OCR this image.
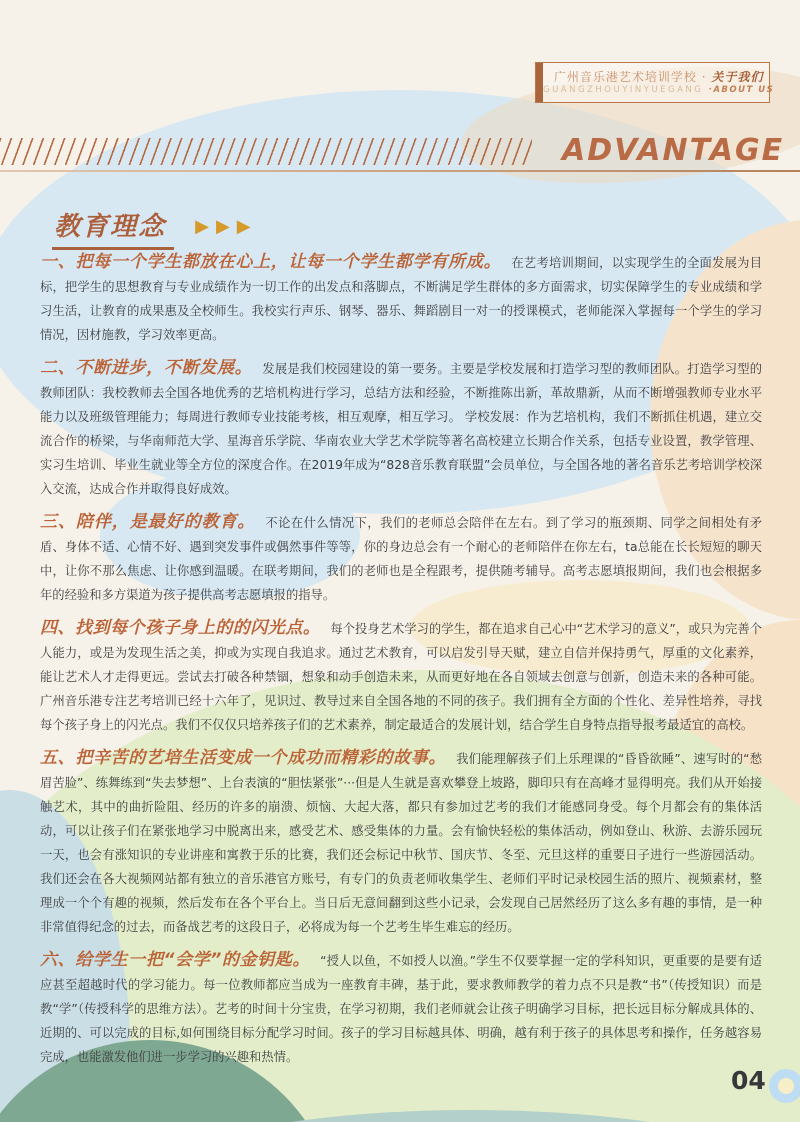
广州音乐港艺术培训学校 · 关于我们
GUANGZHOUYINYUEGANG ·ABOUT US
ADVANTAGE
教育理念 ▶▶▶

一、把每一个学生都放在心上，让每一个学生都学有所成。 在艺考培训期间，以实现学生的全面发展为目标，把学生的思想教育与专业成绩作为一切工作的出发点和落脚点，不断满足学生群体的多方面需求，切实保障学生的专业成绩和学习生活，让教育的成果惠及全校师生。我校实行声乐、钢琴、器乐、舞蹈剧目一对一的授课模式，老师能深入掌握每一个学生的学习情况，因材施教，学习效率更高。

二、不断进步，不断发展。 发展是我们校园建设的第一要务。主要是学校发展和打造学习型的教师团队。打造学习型的教师团队：我校教师去全国各地优秀的艺培机构进行学习，总结方法和经验，不断推陈出新，革故鼎新，从而不断增强教师专业水平能力以及班级管理能力；每周进行教师专业技能考核，相互观摩，相互学习。 学校发展：作为艺培机构，我们不断抓住机遇，建立交流合作的桥梁，与华南师范大学、星海音乐学院、华南农业大学艺术学院等著名高校建立长期合作关系，包括专业设置，教学管理、实习生培训、毕业生就业等全方位的深度合作。在2019年成为“828音乐教育联盟”会员单位，与全国各地的著名音乐艺考培训学校深入交流，达成合作并取得良好成效。

三、陪伴，是最好的教育。 不论在什么情况下，我们的老师总会陪伴在左右。到了学习的瓶颈期、同学之间相处有矛盾、身体不适、心情不好、遇到突发事件或偶然事件等等，你的身边总会有一个耐心的老师陪伴在你左右，ta总能在长长短短的聊天中，让你不那么焦虑、让你感到温暖。在联考期间，我们的老师也是全程跟考，提供随考辅导。高考志愿填报期间，我们也会根据多年的经验和多方渠道为孩子提供高考志愿填报的指导。

四、找到每个孩子身上的的闪光点。 每个投身艺术学习的学生，都在追求自己心中“艺术学习的意义”，或只为完善个人能力，或是为发现生活之美，抑或为实现自我追求。通过艺术教育，可以启发引导天赋，建立自信并保持勇气，厚重的文化素养，能让艺术人才走得更远。尝试去打破各种禁锢，想象和动手创造未来，从而更好地在各自领域去创意与创新，创造未来的各种可能。广州音乐港专注艺考培训已经十六年了，见识过、教导过来自全国各地的不同的孩子。我们拥有全方面的个性化、差异性培养，寻找每个孩子身上的闪光点。我们不仅仅只培养孩子们的艺术素养，制定最适合的发展计划，结合学生自身特点指导报考最适宜的高校。

五、把辛苦的艺培生活变成一个成功而精彩的故事。 我们能理解孩子们上乐理课的“昏昏欲睡”、速写时的“愁眉苦脸”、练舞练到“失去梦想”、上台表演的“胆怯紧张”···但是人生就是喜欢攀登上坡路，脚印只有在高峰才显得明亮。我们从开始接触艺术，其中的曲折险阻、经历的许多的崩溃、烦恼、大起大落，都只有参加过艺考的我们才能感同身受。每个月都会有的集体活动，可以让孩子们在紧张地学习中脱离出来，感受艺术、感受集体的力量。会有愉快轻松的集体活动，例如登山、秋游、去游乐园玩一天，也会有涨知识的专业讲座和寓教于乐的比赛，我们还会标记中秋节、国庆节、冬至、元旦这样的重要日子进行一些游园活动。我们还会在各大视频网站都有独立的音乐港官方账号，有专门的负责老师收集学生、老师们平时记录校园生活的照片、视频素材，整理成一个个有趣的视频，然后发布在各个平台上。当日后无意间翻到这些小记录，会发现自己居然经历了这么多有趣的事情，是一种非常值得纪念的过去，而备战艺考的这段日子，必将成为每一个艺考生毕生难忘的经历。

六、给学生一把“会学”的金钥匙。 “授人以鱼，不如授人以渔。”学生不仅要掌握一定的学科知识，更重要的是要有适应甚至超越时代的学习能力。每一位教师都应当成为一座教育丰碑，基于此，要求教师教学的着力点不只是教“书”（传授知识）而是教“学”（传授科学的思维方法）。艺考的时间十分宝贵，在学习初期，我们老师就会让孩子明确学习目标，把长远目标分解成具体的、近期的、可以完成的目标,如何围绕目标分配学习时间。孩子的学习目标越具体、明确，越有利于孩子的具体思考和操作，任务越容易完成，也能激发他们进一步学习的兴趣和热情。

04
